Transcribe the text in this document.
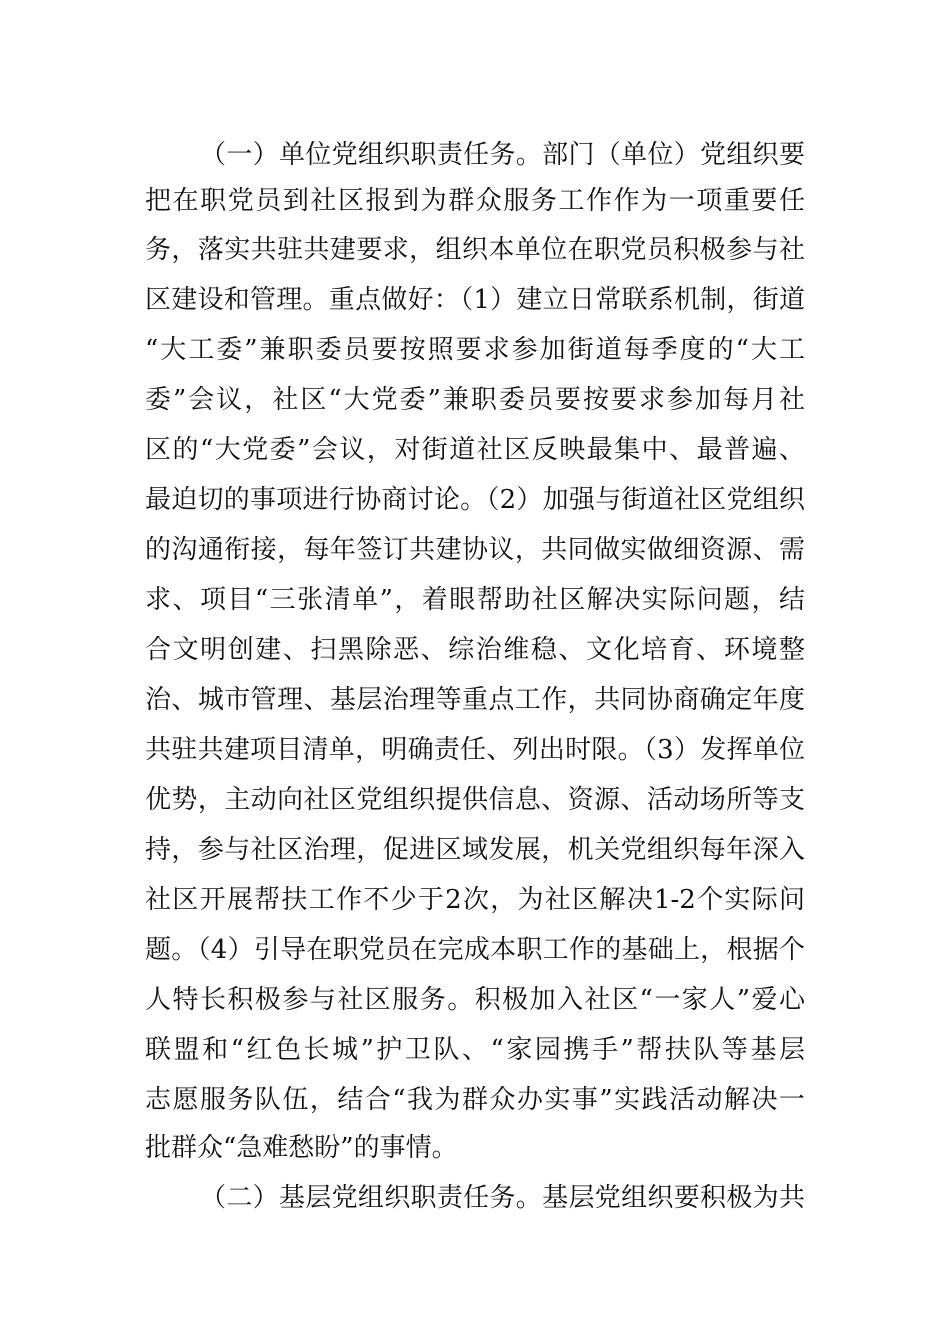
（一）单位党组织职责任务。部门（单位）党组织要
把在职党员到社区报到为群众服务工作作为一项重要任
务，落实共驻共建要求，组织本单位在职党员积极参与社
区建设和管理。重点做好：（1）建立日常联系机制，街道
“大工委”兼职委员要按照要求参加街道每季度的“大工
委”会议，社区“大党委”兼职委员要按要求参加每月社
区的“大党委”会议，对街道社区反映最集中、最普遍、
最迫切的事项进行协商讨论。（2）加强与街道社区党组织
的沟通衔接，每年签订共建协议，共同做实做细资源、需
求、项目“三张清单”，着眼帮助社区解决实际问题，结
合文明创建、扫黑除恶、综治维稳、文化培育、环境整
治、城市管理、基层治理等重点工作，共同协商确定年度
共驻共建项目清单，明确责任、列出时限。（3）发挥单位
优势，主动向社区党组织提供信息、资源、活动场所等支
持，参与社区治理，促进区域发展，机关党组织每年深入
社区开展帮扶工作不少于2次，为社区解决1-2个实际问
题。（4）引导在职党员在完成本职工作的基础上，根据个
人特长积极参与社区服务。积极加入社区“一家人”爱心
联盟和“红色长城”护卫队、“家园携手”帮扶队等基层
志愿服务队伍，结合“我为群众办实事”实践活动解决一
批群众“急难愁盼”的事情。
（二）基层党组织职责任务。基层党组织要积极为共
